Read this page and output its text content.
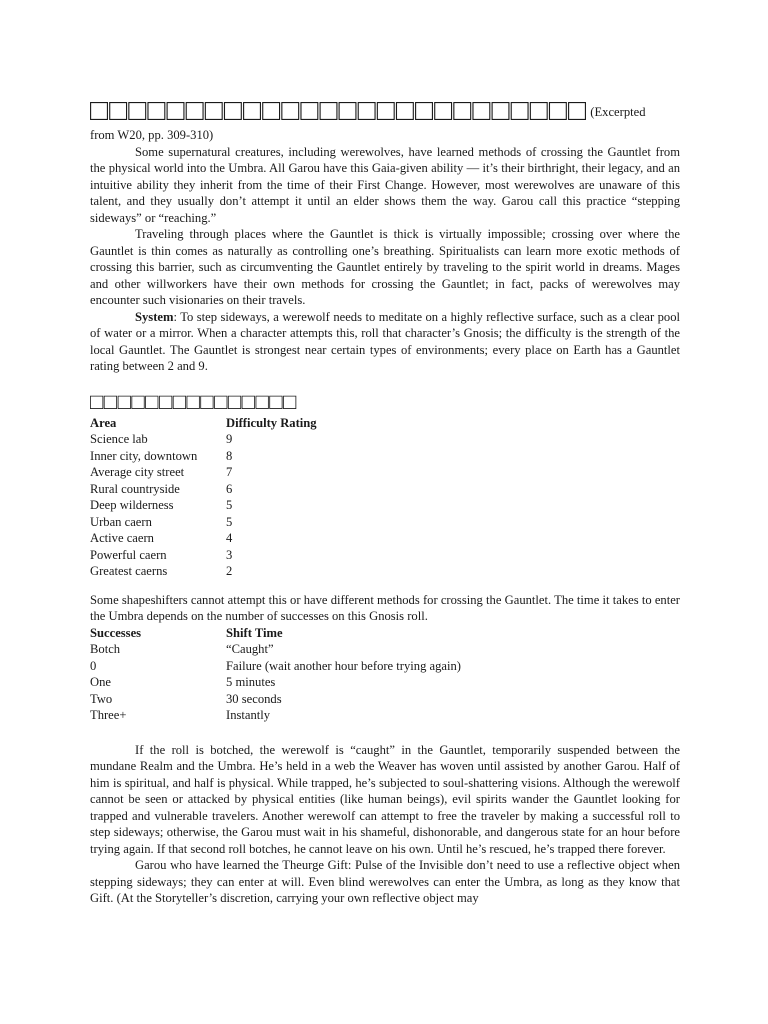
□□□□□□□□□□□□□□□□□□□□□□□□□□ (Excerpted
from W20, pp. 309-310)

Some supernatural creatures, including werewolves, have learned methods of crossing the Gauntlet from the physical world into the Umbra. All Garou have this Gaia-given ability — it’s their birthright, their legacy, and an intuitive ability they inherit from the time of their First Change. However, most werewolves are unaware of this talent, and they usually don’t attempt it until an elder shows them the way. Garou call this practice “stepping sideways” or “reaching.”

Traveling through places where the Gauntlet is thick is virtually impossible; crossing over where the Gauntlet is thin comes as naturally as controlling one’s breathing. Spiritualists can learn more exotic methods of crossing this barrier, such as circumventing the Gauntlet entirely by traveling to the spirit world in dreams. Mages and other willworkers have their own methods for crossing the Gauntlet; in fact, packs of werewolves may encounter such visionaries on their travels.

System: To step sideways, a werewolf needs to meditate on a highly reflective surface, such as a clear pool of water or a mirror. When a character attempts this, roll that character’s Gnosis; the difficulty is the strength of the local Gauntlet. The Gauntlet is strongest near certain types of environments; every place on Earth has a Gauntlet rating between 2 and 9.

□□□□□□□□□□□□□□□
Area	Difficulty Rating
Science lab	9
Inner city, downtown	8
Average city street	7
Rural countryside	6
Deep wilderness	5
Urban caern	5
Active caern	4
Powerful caern	3
Greatest caerns	2

Some shapeshifters cannot attempt this or have different methods for crossing the Gauntlet. The time it takes to enter the Umbra depends on the number of successes on this Gnosis roll.

Successes	Shift Time
Botch	“Caught”
0	Failure (wait another hour before trying again)
One	5 minutes
Two	30 seconds
Three+	Instantly

If the roll is botched, the werewolf is “caught” in the Gauntlet, temporarily suspended between the mundane Realm and the Umbra. He’s held in a web the Weaver has woven until assisted by another Garou. Half of him is spiritual, and half is physical. While trapped, he’s subjected to soul-shattering visions. Although the werewolf cannot be seen or attacked by physical entities (like human beings), evil spirits wander the Gauntlet looking for trapped and vulnerable travelers. Another werewolf can attempt to free the traveler by making a successful roll to step sideways; otherwise, the Garou must wait in his shameful, dishonorable, and dangerous state for an hour before trying again. If that second roll botches, he cannot leave on his own. Until he’s rescued, he’s trapped there forever.

Garou who have learned the Theurge Gift: Pulse of the Invisible don’t need to use a reflective object when stepping sideways; they can enter at will. Even blind werewolves can enter the Umbra, as long as they know that Gift. (At the Storyteller’s discretion, carrying your own reflective object may
